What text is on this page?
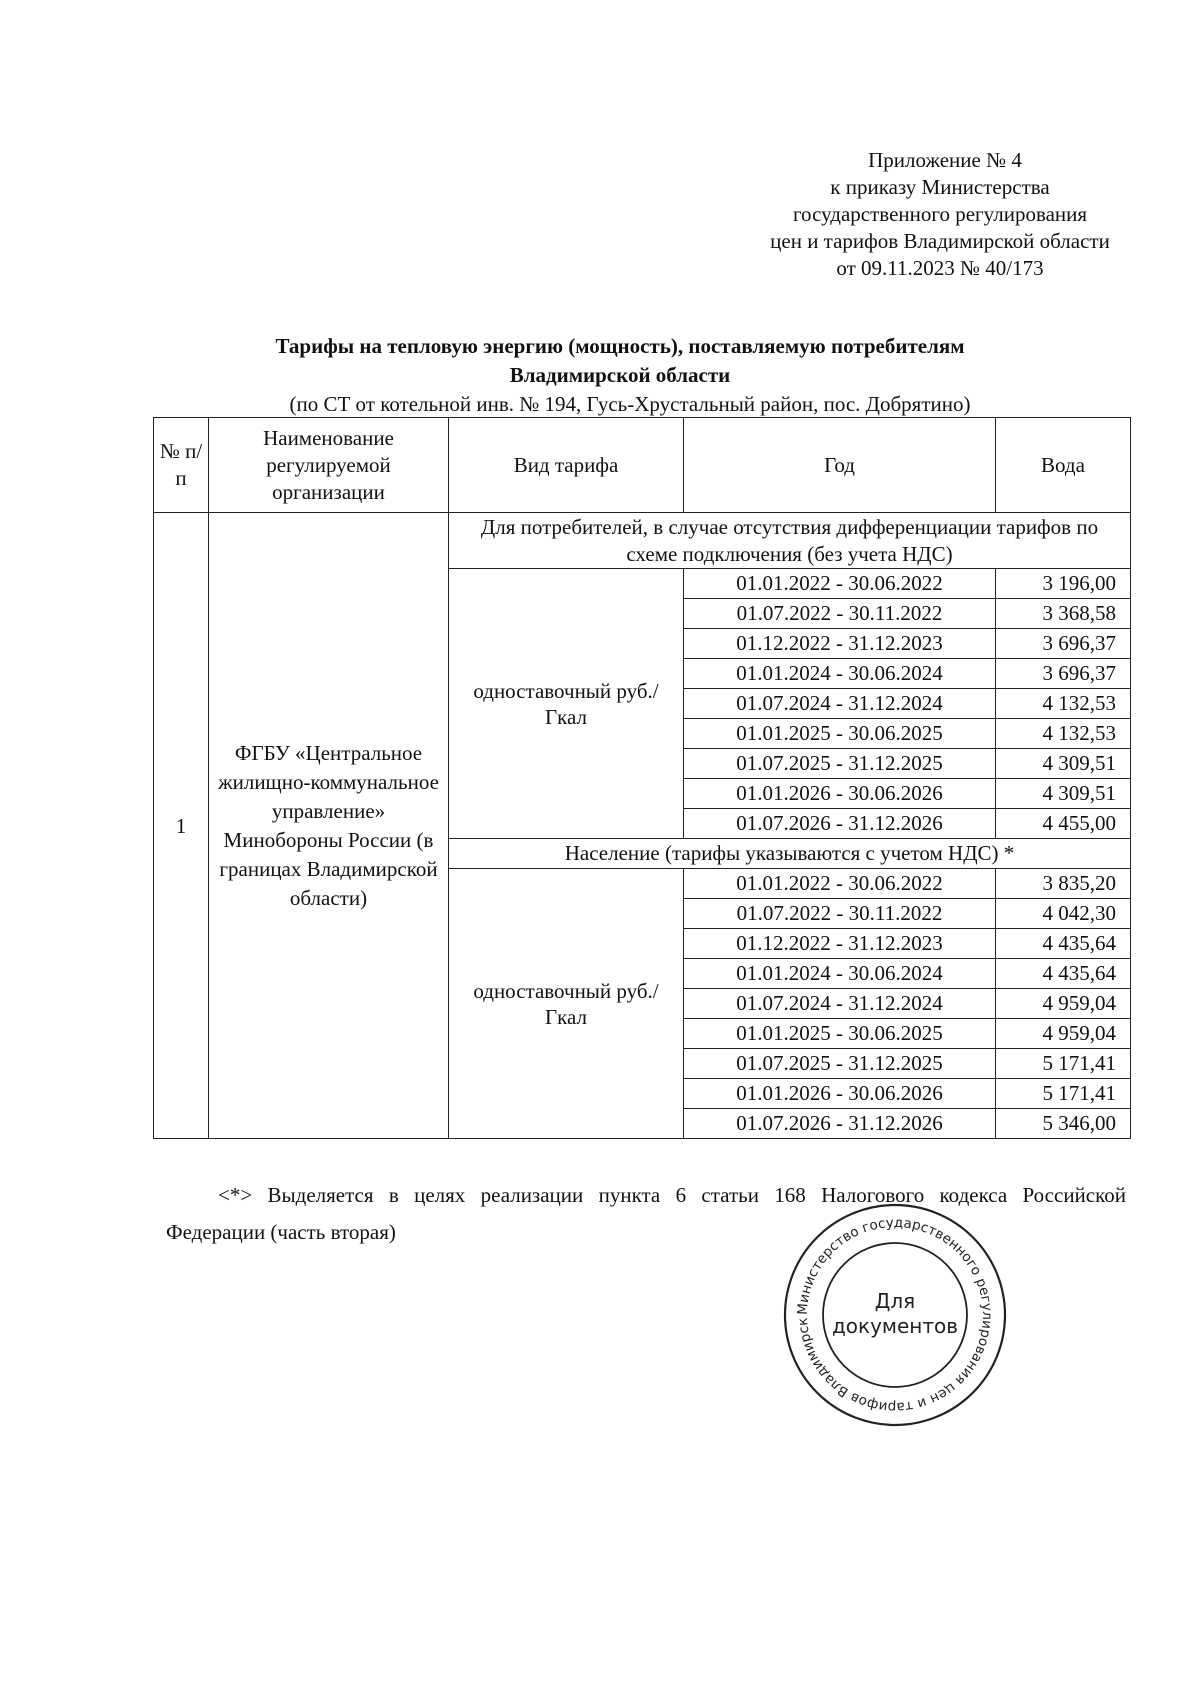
Приложение № 4
к приказу Министерства
государственного регулирования
цен и тарифов Владимирской области
от 09.11.2023 № 40/173
Тарифы на тепловую энергию (мощность), поставляемую потребителям
Владимирской области
(по СТ от котельной инв. № 194, Гусь-Хрустальный район, пос. Добрятино)
№ п/п	Наименование регулируемой организации	Вид тарифа	Год	Вода
1	ФГБУ «Центральное жилищно-коммунальное управление» Минобороны России (в границах Владимирской области)	Для потребителей, в случае отсутствия дифференциации тарифов по схеме подключения (без учета НДС)		
		одноставочный руб./Гкал	01.01.2022 - 30.06.2022	3 196,00
			01.07.2022 - 30.11.2022	3 368,58
			01.12.2022 - 31.12.2023	3 696,37
			01.01.2024 - 30.06.2024	3 696,37
			01.07.2024 - 31.12.2024	4 132,53
			01.01.2025 - 30.06.2025	4 132,53
			01.07.2025 - 31.12.2025	4 309,51
			01.01.2026 - 30.06.2026	4 309,51
			01.07.2026 - 31.12.2026	4 455,00
		Население (тарифы указываются с учетом НДС) *		
		одноставочный руб./Гкал	01.01.2022 - 30.06.2022	3 835,20
			01.07.2022 - 30.11.2022	4 042,30
			01.12.2022 - 31.12.2023	4 435,64
			01.01.2024 - 30.06.2024	4 435,64
			01.07.2024 - 31.12.2024	4 959,04
			01.01.2025 - 30.06.2025	4 959,04
			01.07.2025 - 31.12.2025	5 171,41
			01.01.2026 - 30.06.2026	5 171,41
			01.07.2026 - 31.12.2026	5 346,00
<*> Выделяется в целях реализации пункта 6 статьи 168 Налогового кодекса Российской
Федерации (часть вторая)
Министерство государственного регулирования цен и тарифов Владимирск
Для
документов
